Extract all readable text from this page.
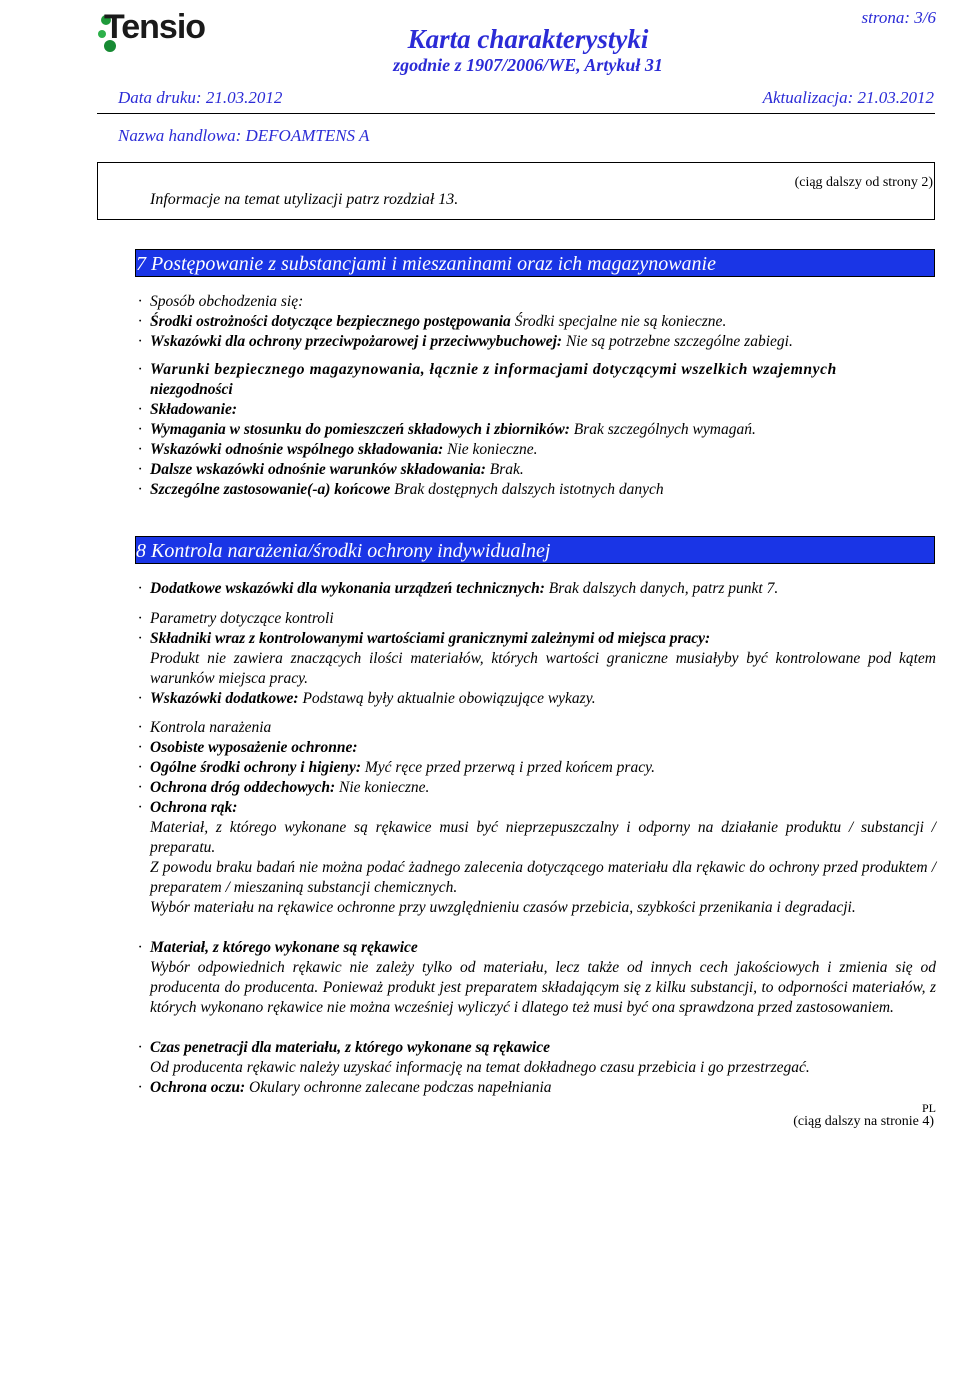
Tensio	strona: 3/6
Karta charakterystyki
zgodnie z 1907/2006/WE, Artykuł 31
Data druku: 21.03.2012	Aktualizacja: 21.03.2012
Nazwa handlowa: DEFOAMTENS A
(ciąg dalszy od strony 2)
Informacje na temat utylizacji patrz rozdział 13.
7 Postępowanie z substancjami i mieszaninami oraz ich magazynowanie
· Sposób obchodzenia się:
· Środki ostrożności dotyczące bezpiecznego postępowania Środki specjalne nie są konieczne.
· Wskazówki dla ochrony przeciwpożarowej i przeciwwybuchowej: Nie są potrzebne szczególne zabiegi.
· Warunki bezpiecznego magazynowania, łącznie z informacjami dotyczącymi wszelkich wzajemnych
niezgodności
· Składowanie:
· Wymagania w stosunku do pomieszczeń składowych i zbiorników: Brak szczególnych wymagań.
· Wskazówki odnośnie wspólnego składowania: Nie konieczne.
· Dalsze wskazówki odnośnie warunków składowania: Brak.
· Szczególne zastosowanie(-a) końcowe Brak dostępnych dalszych istotnych danych
8 Kontrola narażenia/środki ochrony indywidualnej
· Dodatkowe wskazówki dla wykonania urządzeń technicznych: Brak dalszych danych, patrz punkt 7.
· Parametry dotyczące kontroli
· Składniki wraz z kontrolowanymi wartościami granicznymi zależnymi od miejsca pracy:
Produkt nie zawiera znaczących ilości materiałów, których wartości graniczne musiałyby być kontrolowane pod kątem warunków miejsca pracy.
· Wskazówki dodatkowe: Podstawą były aktualnie obowiązujące wykazy.
· Kontrola narażenia
· Osobiste wyposażenie ochronne:
· Ogólne środki ochrony i higieny: Myć ręce przed przerwą i przed końcem pracy.
· Ochrona dróg oddechowych: Nie konieczne.
· Ochrona rąk:
Materiał, z którego wykonane są rękawice musi być nieprzepuszczalny i odporny na działanie produktu / substancji / preparatu.
Z powodu braku badań nie można podać żadnego zalecenia dotyczącego materiału dla rękawic do ochrony przed produktem / preparatem / mieszaniną substancji chemicznych.
Wybór materiału na rękawice ochronne przy uwzględnieniu czasów przebicia, szybkości przenikania i degradacji.
· Materiał, z którego wykonane są rękawice
Wybór odpowiednich rękawic nie zależy tylko od materiału, lecz także od innych cech jakościowych i zmienia się od producenta do producenta. Ponieważ produkt jest preparatem składającym się z kilku substancji, to odporności materiałów, z których wykonano rękawice nie można wcześniej wyliczyć i dlatego też musi być ona sprawdzona przed zastosowaniem.
· Czas penetracji dla materiału, z którego wykonane są rękawice
Od producenta rękawic należy uzyskać informację na temat dokładnego czasu przebicia i go przestrzegać.
· Ochrona oczu: Okulary ochronne zalecane podczas napełniania
PL
(ciąg dalszy na stronie 4)
